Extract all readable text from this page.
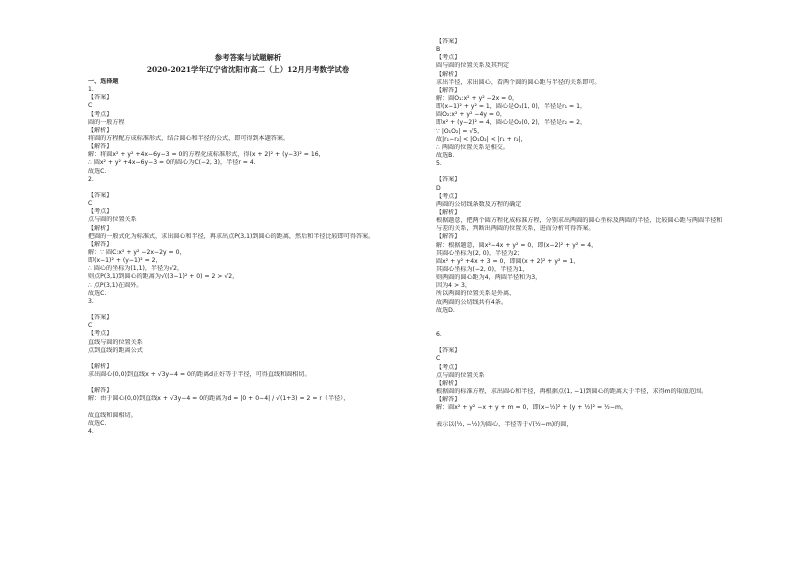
参考答案与试题解析
2020-2021学年辽宁省沈阳市高二（上）12月月考数学试卷
一、选择题
1.
【答案】
C
【考点】
圆的一般方程
【解析】
将圆的方程配方成标准形式，结合圆心和半径的公式，即可得到本题答案。
【解答】
解：将圆x² + y² +4x−6y−3 = 0的方程化成标准形式，得(x + 2)² + (y−3)² = 16，
∴ 圆x² + y² +4x−6y−3 = 0的圆心为C(−2, 3)，半径r = 4.
故选C.
2.
【答案】
C
【考点】
点与圆的位置关系
【解析】
把圆的一般式化为标准式，求出圆心和半径，再求出点P(3,1)到圆心的距离，然后和半径比较即可得答案。
【解答】
解：∵ 圆C:x² + y² −2x−2y = 0，
即(x−1)² + (y−1)² = 2，
∴ 圆心的坐标为(1,1)，半径为√2，
则点P(3,1)到圆心的距离为√((3−1)² + 0) = 2 > √2，
∴ 点P(3,1)在圆外。
故选C.
3.
【答案】
C
【考点】
直线与圆的位置关系
点到直线的距离公式
【解析】
求出圆心(0,0)到直线x + √3y−4 = 0的距离d正好等于半径，可得直线和圆相切。
【解答】
解：由于圆心(0,0)到直线x + √3y−4 = 0的距离为d = |0 + 0−4| / √(1+3) = 2 = r（半径），
故直线和圆相切。
故选C.
4.
【答案】
B
【考点】
圆与圆的位置关系及其判定
【解析】
求出半径，求出圆心，看两个圆的圆心距与半径的关系即可。
【解答】
解：圆O₁:x² + y² −2x = 0，
即(x−1)² + y² = 1，圆心是O₁(1, 0)，半径是r₁ = 1，
圆O₂:x² + y² −4y = 0，
即x² + (y−2)² = 4，圆心是O₂(0, 2)，半径是r₂ = 2，
∵ |O₁O₂| = √5，
故|r₁−r₂| < |O₁O₂| < |r₁ + r₂|，
∴ 两圆的位置关系是相交。
故选B.
5.
【答案】
D
【考点】
两圆的公切线条数及方程的确定
【解析】
根据题意，把两个圆方程化成标准方程，分别求出两圆的圆心坐标及两圆的半径，比较圆心距与两圆半径和
与差的关系，判断出两圆的位置关系，进而分析可得答案。
【解答】
解：根据题意，圆x²−4x + y² = 0，即(x−2)² + y² = 4，
其圆心坐标为(2, 0)，半径为2；
圆x² + y² +4x + 3 = 0，即圆(x + 2)² + y² = 1，
其圆心坐标为(−2, 0)，半径为1，
则两圆的圆心距为4，两圆半径和为3，
因为4 > 3，
所以两圆的位置关系是外离，
故两圆的公切线共有4条。
故选D.
6.
【答案】
C
【考点】
点与圆的位置关系
【解析】
根据圆的标准方程，求出圆心和半径，再根据点(1, −1)到圆心的距离大于半径，求得m的取值范围。
【解答】
解：圆x² + y² −x + y + m = 0，即(x−½)² + (y + ½)² = ½−m，
表示以(½, −½)为圆心，半径等于√(½−m)的圆，
